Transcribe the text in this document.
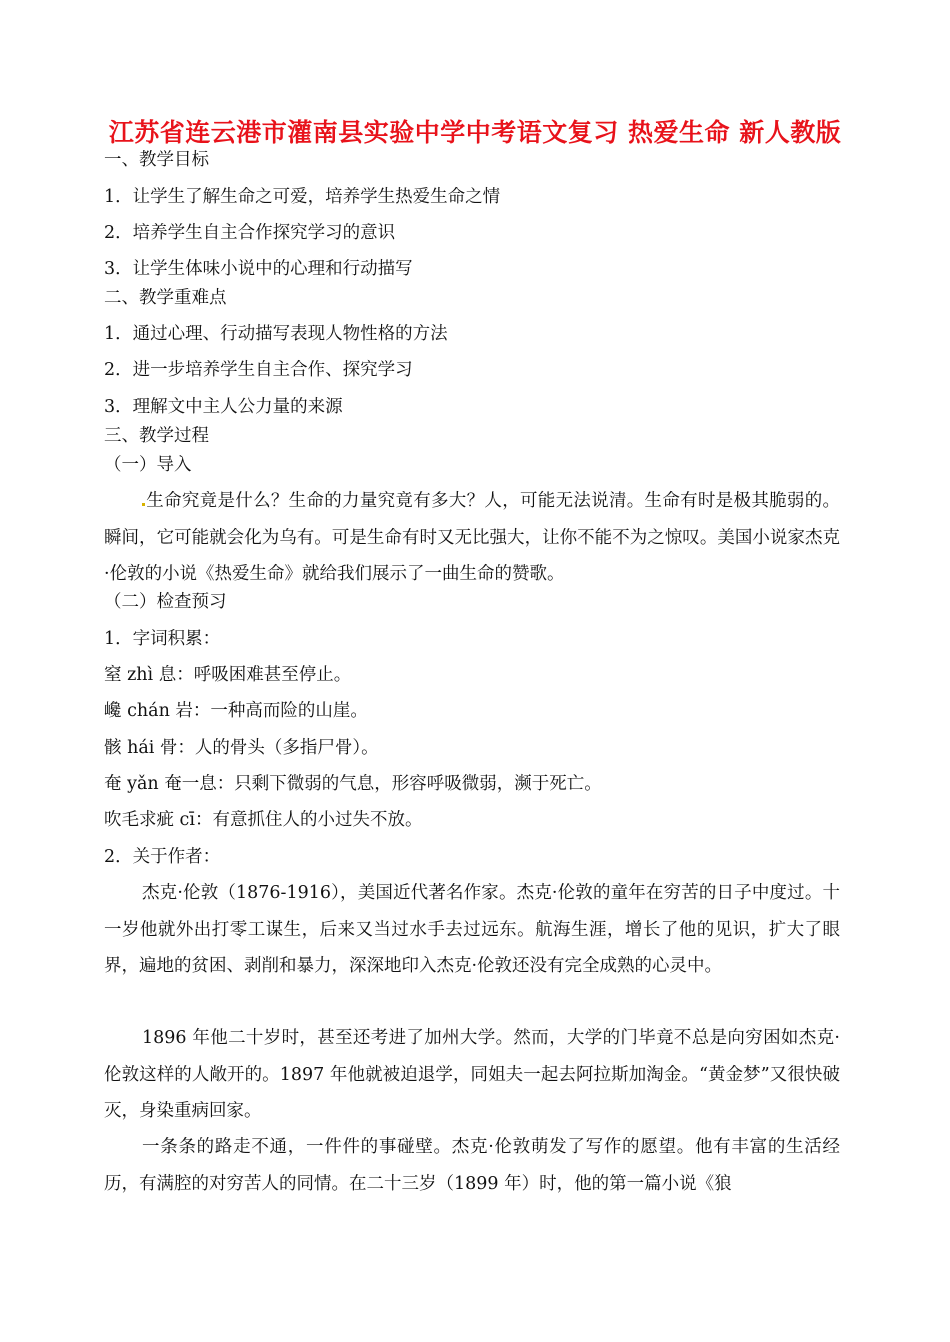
江苏省连云港市灌南县实验中学中考语文复习 热爱生命 新人教版
一、教学目标
1．让学生了解生命之可爱，培养学生热爱生命之情
2．培养学生自主合作探究学习的意识
3．让学生体味小说中的心理和行动描写
二、教学重难点
1．通过心理、行动描写表现人物性格的方法
2．进一步培养学生自主合作、探究学习
3．理解文中主人公力量的来源
三、教学过程
（一）导入
生命究竟是什么？生命的力量究竟有多大？人，可能无法说清。生命有时是极其脆弱的。瞬间，它可能就会化为乌有。可是生命有时又无比强大，让你不能不为之惊叹。美国小说家杰克·伦敦的小说《热爱生命》就给我们展示了一曲生命的赞歌。
（二）检查预习
1．字词积累：
窒 zhì 息：呼吸困难甚至停止。
巉 chán 岩：一种高而险的山崖。
骸 hái 骨：人的骨头（多指尸骨）。
奄 yǎn 奄一息：只剩下微弱的气息，形容呼吸微弱，濒于死亡。
吹毛求疵 cī：有意抓住人的小过失不放。
2．关于作者：
杰克·伦敦（1876-1916），美国近代著名作家。杰克·伦敦的童年在穷苦的日子中度过。十一岁他就外出打零工谋生，后来又当过水手去过远东。航海生涯，增长了他的见识，扩大了眼界，遍地的贫困、剥削和暴力，深深地印入杰克·伦敦还没有完全成熟的心灵中。
1896 年他二十岁时，甚至还考进了加州大学。然而，大学的门毕竟不总是向穷困如杰克·伦敦这样的人敞开的。1897 年他就被迫退学，同姐夫一起去阿拉斯加淘金。“黄金梦”又很快破灭，身染重病回家。
一条条的路走不通，一件件的事碰壁。杰克·伦敦萌发了写作的愿望。他有丰富的生活经历，有满腔的对穷苦人的同情。在二十三岁（1899 年）时，他的第一篇小说《狼
